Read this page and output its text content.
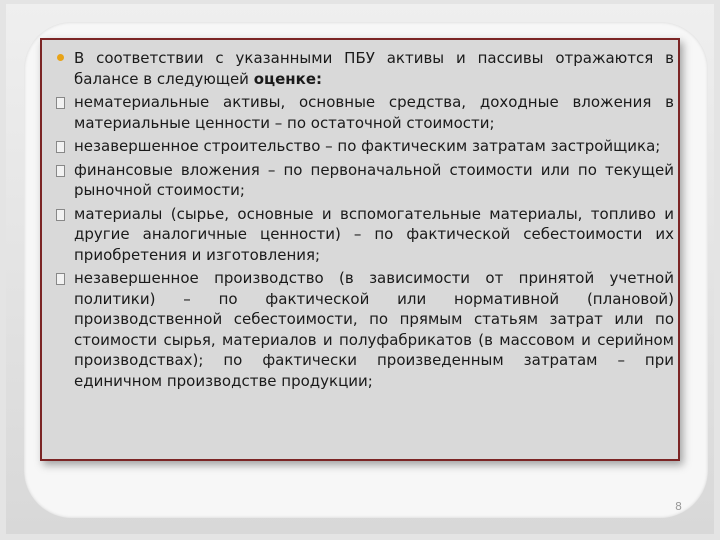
В соответствии с указанными ПБУ активы и пассивы отражаются в балансе в следующей оценке:
нематериальные активы, основные средства, доходные вложения в материальные ценности – по остаточной стоимости;
незавершенное строительство – по фактическим затратам застройщика;
финансовые вложения – по первоначальной стоимости или по текущей рыночной стоимости;
материалы (сырье, основные и вспомогательные материалы, топливо и другие аналогичные ценности) – по фактической себестоимости их приобретения и изготовления;
незавершенное производство (в зависимости от принятой учетной политики) – по фактической или нормативной (плановой) производственной себестоимости, по прямым статьям затрат или по стоимости сырья, материалов и полуфабрикатов (в массовом и серийном производствах); по фактически произведенным затратам – при единичном производстве продукции;
8
